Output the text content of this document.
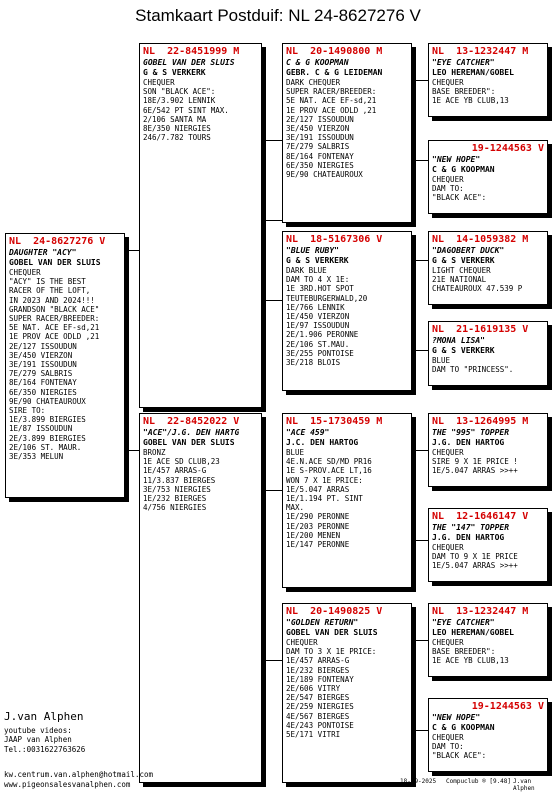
Stamkaart Postduif: NL 24-8627276 V
NL  24-8627276 V
DAUGHTER "ACY"
GOBEL VAN DER SLUIS
CHEQUER
"ACY" IS THE BEST
RACER OF THE LOFT,
IN 2023 AND 2024!!!
GRANDSON "BLACK ACE"
SUPER RACER/BREEDER:
5E NAT. ACE EF-sd,21
1E PROV ACE ODLD ,21
2E/127 ISSOUDUN
3E/450 VIERZON
3E/191 ISSOUDUN
7E/279 SALBRIS
8E/164 FONTENAY
6E/350 NIERGIES
9E/90 CHATEAUROUX
SIRE TO:
1E/3.899 BIERGIES
1E/87 ISSOUDUN
2E/3.899 BIERGIES
2E/106 ST. MAUR.
3E/353 MELUN
NL  22-8451999 M
GOBEL VAN DER SLUIS
G & S VERKERK
CHEQUER
SON "BLACK ACE":
18E/3.902 LENNIK
6E/542 PT SINT MAX.
2/106 SANTA MA
8E/350 NIERGIES
246/7.782 TOURS
NL  22-8452022 V
"ACE"/J.G. DEN HARTG
GOBEL VAN DER SLUIS
BRONZ
1E ACE SD CLUB,23
1E/457 ARRAS-G
11/3.837 BIERGES
3E/753 NIERGIES
1E/232 BIERGES
4/756 NIERGIES
NL  20-1490800 M
C & G KOOPMAN
GEBR. C & G LEIDEMAN
DARK CHEQUER
SUPER RACER/BREEDER:
5E NAT. ACE EF-sd,21
1E PROV ACE ODLD ,21
2E/127 ISSOUDUN
3E/450 VIERZON
3E/191 ISSOUDUN
7E/279 SALBRIS
8E/164 FONTENAY
6E/350 NIERGIES
9E/90 CHATEAUROUX
NL  18-5167306 V
"BLUE RUBY"
G & S VERKERK
DARK BLUE
DAM TO 4 X 1E:
1E 3RD.HOT SPOT
TEUTEBURGERWALD,20
1E/766 LENNIK
1E/450 VIERZON
1E/97 ISSOUDUN
2E/1.906 PERONNE
2E/106 ST.MAU.
3E/255 PONTOISE
3E/218 BLOIS
NL  15-1730459 M
"ACE 459"
J.C. DEN HARTOG
BLUE
4E.N.ACE SD/MD PR16
1E S-PROV.ACE LT,16
WON 7 X 1E PRICE:
1E/5.047 ARRAS
1E/1.194 PT. SINT
MAX.
1E/290 PERONNE
1E/203 PERONNE
1E/200 MENEN
1E/147 PERONNE
NL  20-1490825 V
"GOLDEN RETURN"
GOBEL VAN DER SLUIS
CHEQUER
DAM TO 3 X 1E PRICE:
1E/457 ARRAS-G
1E/232 BIERGES
1E/189 FONTENAY
2E/606 VITRY
2E/547 BIERGES
2E/259 NIERGIES
4E/567 BIERGES
4E/243 PONTOISE
5E/171 VITRI
NL  13-1232447 M
"EYE CATCHER"
LEO HEREMAN/GOBEL
CHEQUER
BASE BREEDER":
1E ACE YB CLUB,13
19-1244563 V
"NEW HOPE"
C & G KOOPMAN
CHEQUER
DAM TO:
"BLACK ACE":
NL  14-1059382 M
"DAGOBERT DUCK"
G & S VERKERK
LIGHT CHEQUER
21E NATIONAL
CHATEAUROUX 47.539 P
NL  21-1619135 V
?MONA LISA"
G & S VERKERK
BLUE
DAM TO "PRINCESS".
NL  13-1264995 M
THE "995" TOPPER
J.G. DEN HARTOG
CHEQUER
SIRE 9 X 1E PRICE !
1E/5.047 ARRAS >>++
NL  12-1646147 V
THE "147" TOPPER
J.G. DEN HARTOG
CHEQUER
DAM TO 9 X 1E PRICE
1E/5.047 ARRAS >>++
NL  13-1232447 M
"EYE CATCHER"
LEO HEREMAN/GOBEL
CHEQUER
BASE BREEDER":
1E ACE YB CLUB,13
19-1244563 V
"NEW HOPE"
C & G KOOPMAN
CHEQUER
DAM TO:
"BLACK ACE":
J.van Alphen
youtube videos:
JAAP van Alphen
Tel.:0031622763626
kw.centrum.van.alphen@hotmail.com
www.pigeonsalesvanalphen.com	18-09-2025 Compuclub ® [9.48] J.van Alphen
